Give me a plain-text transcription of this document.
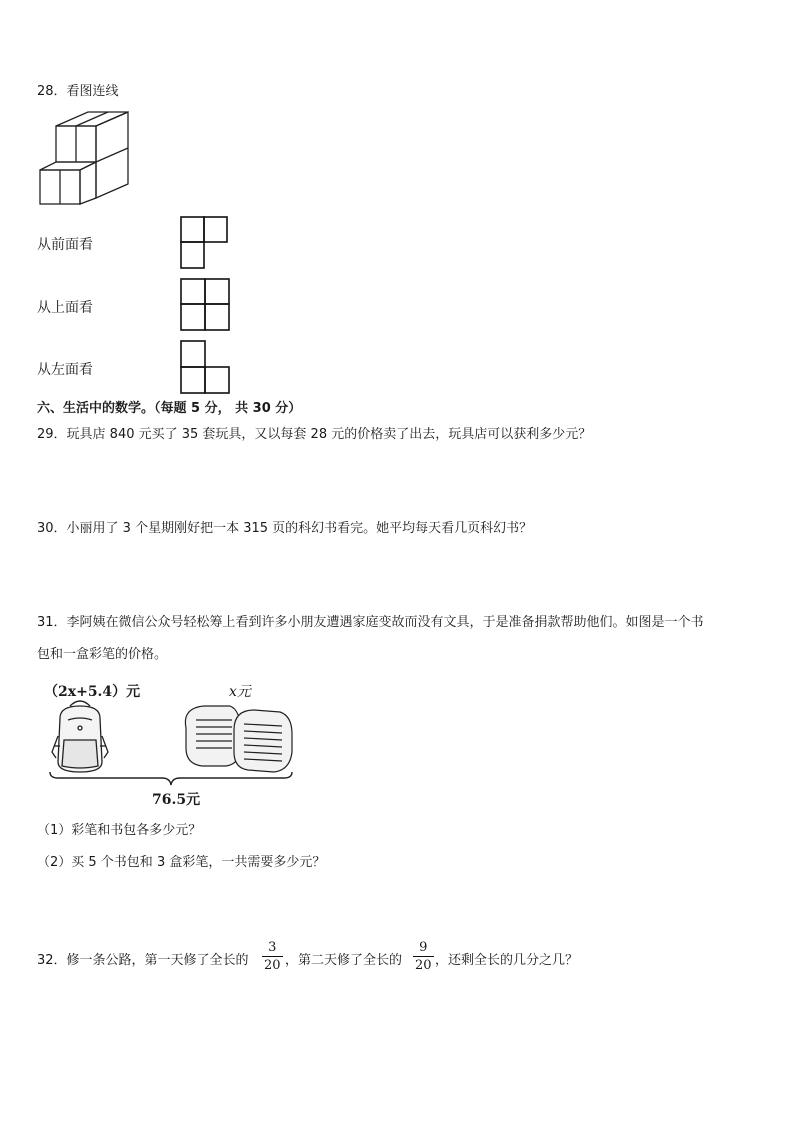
28．看图连线
从前面看
从上面看
从左面看
六、生活中的数学。（每题 5 分， 共 30 分）
29．玩具店 840 元买了 35 套玩具，又以每套 28 元的价格卖了出去，玩具店可以获利多少元？
30．小丽用了 3 个星期刚好把一本 315 页的科幻书看完。她平均每天看几页科幻书？
31．李阿姨在微信公众号轻松筹上看到许多小朋友遭遇家庭变故而没有文具，于是准备捐款帮助他们。如图是一个书
包和一盒彩笔的价格。
（2x+5.4）元	x元
76.5元
（1）彩笔和书包各多少元？
（2）买 5 个书包和 3 盒彩笔，一共需要多少元？
32．修一条公路，第一天修了全长的
3
20 ，第二天修了全长的
9
20 ，还剩全长的几分之几？
